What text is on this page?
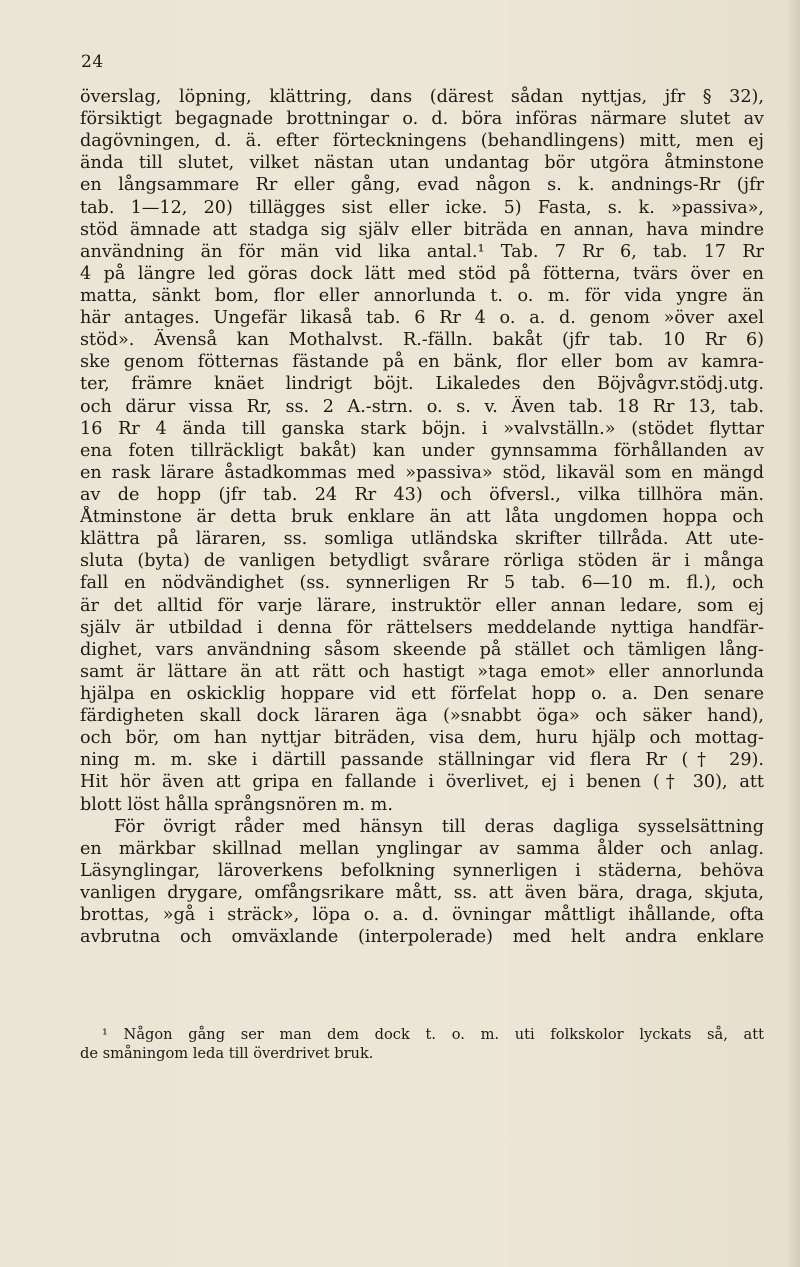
24
överslag, löpning, klättring, dans (därest sådan nyttjas, jfr § 32),
försiktigt begagnade brottningar o. d. böra införas närmare slutet av
dagövningen, d. ä. efter förteckningens (behandlingens) mitt, men ej
ända till slutet, vilket nästan utan undantag bör utgöra åtminstone
en långsammare Rr eller gång, evad någon s. k. andnings-Rr (jfr
tab. 1—12, 20) tillägges sist eller icke. 5) Fasta, s. k. »passiva»,
stöd ämnade att stadga sig själv eller biträda en annan, hava mindre
användning än för män vid lika antal.¹ Tab. 7 Rr 6, tab. 17 Rr
4 på längre led göras dock lätt med stöd på fötterna, tvärs över en
matta, sänkt bom, flor eller annorlunda t. o. m. för vida yngre än
här antages. Ungefär likaså tab. 6 Rr 4 o. a. d. genom »över axel
stöd». Ävenså kan Mothalvst. R.-fälln. bakåt (jfr tab. 10 Rr 6)
ske genom fötternas fästande på en bänk, flor eller bom av kamra-
ter, främre knäet lindrigt böjt. Likaledes den Böjvågvr.stödj.utg.
och därur vissa Rr, ss. 2 A.-strn. o. s. v. Även tab. 18 Rr 13, tab.
16 Rr 4 ända till ganska stark böjn. i »valvställn.» (stödet flyttar
ena foten tillräckligt bakåt) kan under gynnsamma förhållanden av
en rask lärare åstadkommas med »passiva» stöd, likaväl som en mängd
av de hopp (jfr tab. 24 Rr 43) och öfversl., vilka tillhöra män.
Åtminstone är detta bruk enklare än att låta ungdomen hoppa och
klättra på läraren, ss. somliga utländska skrifter tillråda. Att ute-
sluta (byta) de vanligen betydligt svårare rörliga stöden är i många
fall en nödvändighet (ss. synnerligen Rr 5 tab. 6—10 m. fl.), och
är det alltid för varje lärare, instruktör eller annan ledare, som ej
själv är utbildad i denna för rättelsers meddelande nyttiga handfär-
dighet, vars användning såsom skeende på stället och tämligen lång-
samt är lättare än att rätt och hastigt »taga emot» eller annorlunda
hjälpa en oskicklig hoppare vid ett förfelat hopp o. a. Den senare
färdigheten skall dock läraren äga (»snabbt öga» och säker hand),
och bör, om han nyttjar biträden, visa dem, huru hjälp och mottag-
ning m. m. ske i därtill passande ställningar vid flera Rr († 29).
Hit hör även att gripa en fallande i överlivet, ej i benen († 30), att
blott löst hålla språngsnören m. m.
För övrigt råder med hänsyn till deras dagliga sysselsättning
en märkbar skillnad mellan ynglingar av samma ålder och anlag.
Läsynglingar, läroverkens befolkning synnerligen i städerna, behöva
vanligen drygare, omfångsrikare mått, ss. att även bära, draga, skjuta,
brottas, »gå i sträck», löpa o. a. d. övningar måttligt ihållande, ofta
avbrutna och omväxlande (interpolerade) med helt andra enklare
¹ Någon gång ser man dem dock t. o. m. uti folkskolor lyckats så, att
de småningom leda till överdrivet bruk.
